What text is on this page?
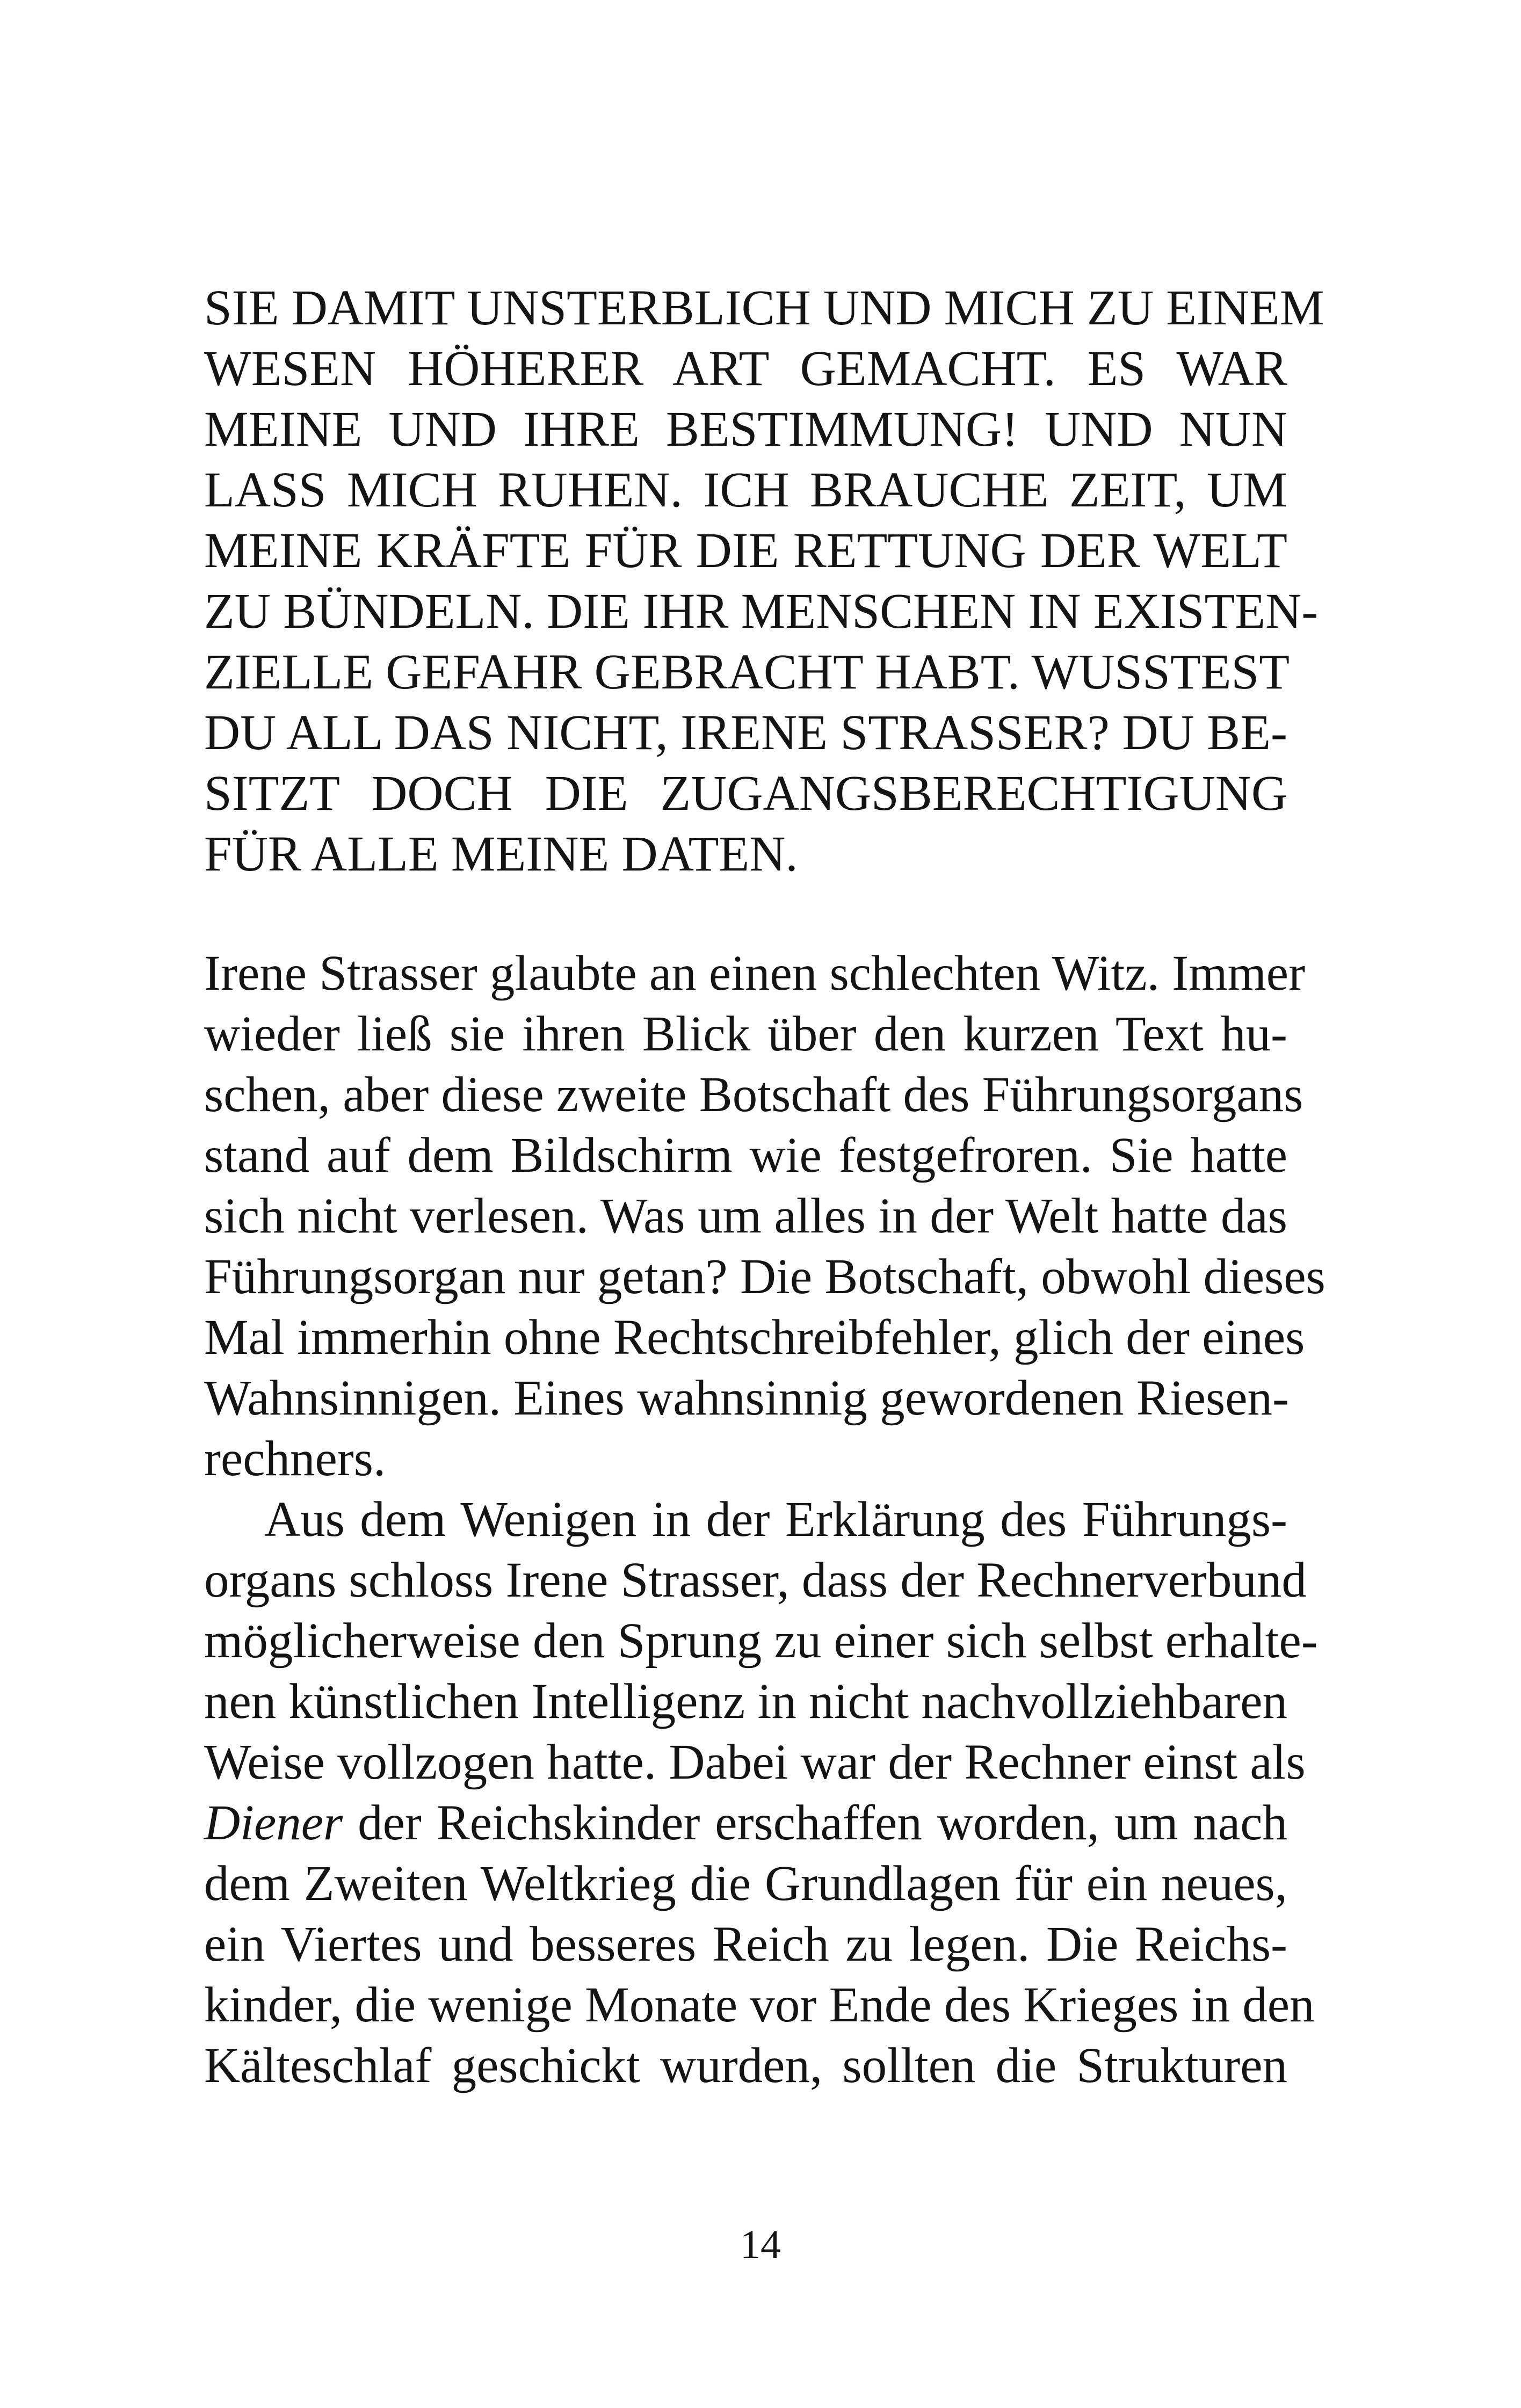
SIE DAMIT UNSTERBLICH UND MICH ZU EINEM
WESEN HÖHERER ART GEMACHT. ES WAR
MEINE UND IHRE BESTIMMUNG! UND NUN
LASS MICH RUHEN. ICH BRAUCHE ZEIT, UM
MEINE KRÄFTE FÜR DIE RETTUNG DER WELT
ZU BÜNDELN. DIE IHR MENSCHEN IN EXISTEN-
ZIELLE GEFAHR GEBRACHT HABT. WUSSTEST
DU ALL DAS NICHT, IRENE STRASSER? DU BE-
SITZT DOCH DIE ZUGANGSBERECHTIGUNG
FÜR ALLE MEINE DATEN.
Irene Strasser glaubte an einen schlechten Witz. Immer
wieder ließ sie ihren Blick über den kurzen Text hu-
schen, aber diese zweite Botschaft des Führungsorgans
stand auf dem Bildschirm wie festgefroren. Sie hatte
sich nicht verlesen. Was um alles in der Welt hatte das
Führungsorgan nur getan? Die Botschaft, obwohl dieses
Mal immerhin ohne Rechtschreibfehler, glich der eines
Wahnsinnigen. Eines wahnsinnig gewordenen Riesen-
rechners.
Aus dem Wenigen in der Erklärung des Führungs-
organs schloss Irene Strasser, dass der Rechnerverbund
möglicherweise den Sprung zu einer sich selbst erhalte-
nen künstlichen Intelligenz in nicht nachvollziehbaren
Weise vollzogen hatte. Dabei war der Rechner einst als
Diener der Reichskinder erschaffen worden, um nach
dem Zweiten Weltkrieg die Grundlagen für ein neues,
ein Viertes und besseres Reich zu legen. Die Reichs-
kinder, die wenige Monate vor Ende des Krieges in den
Kälteschlaf geschickt wurden, sollten die Strukturen
14
